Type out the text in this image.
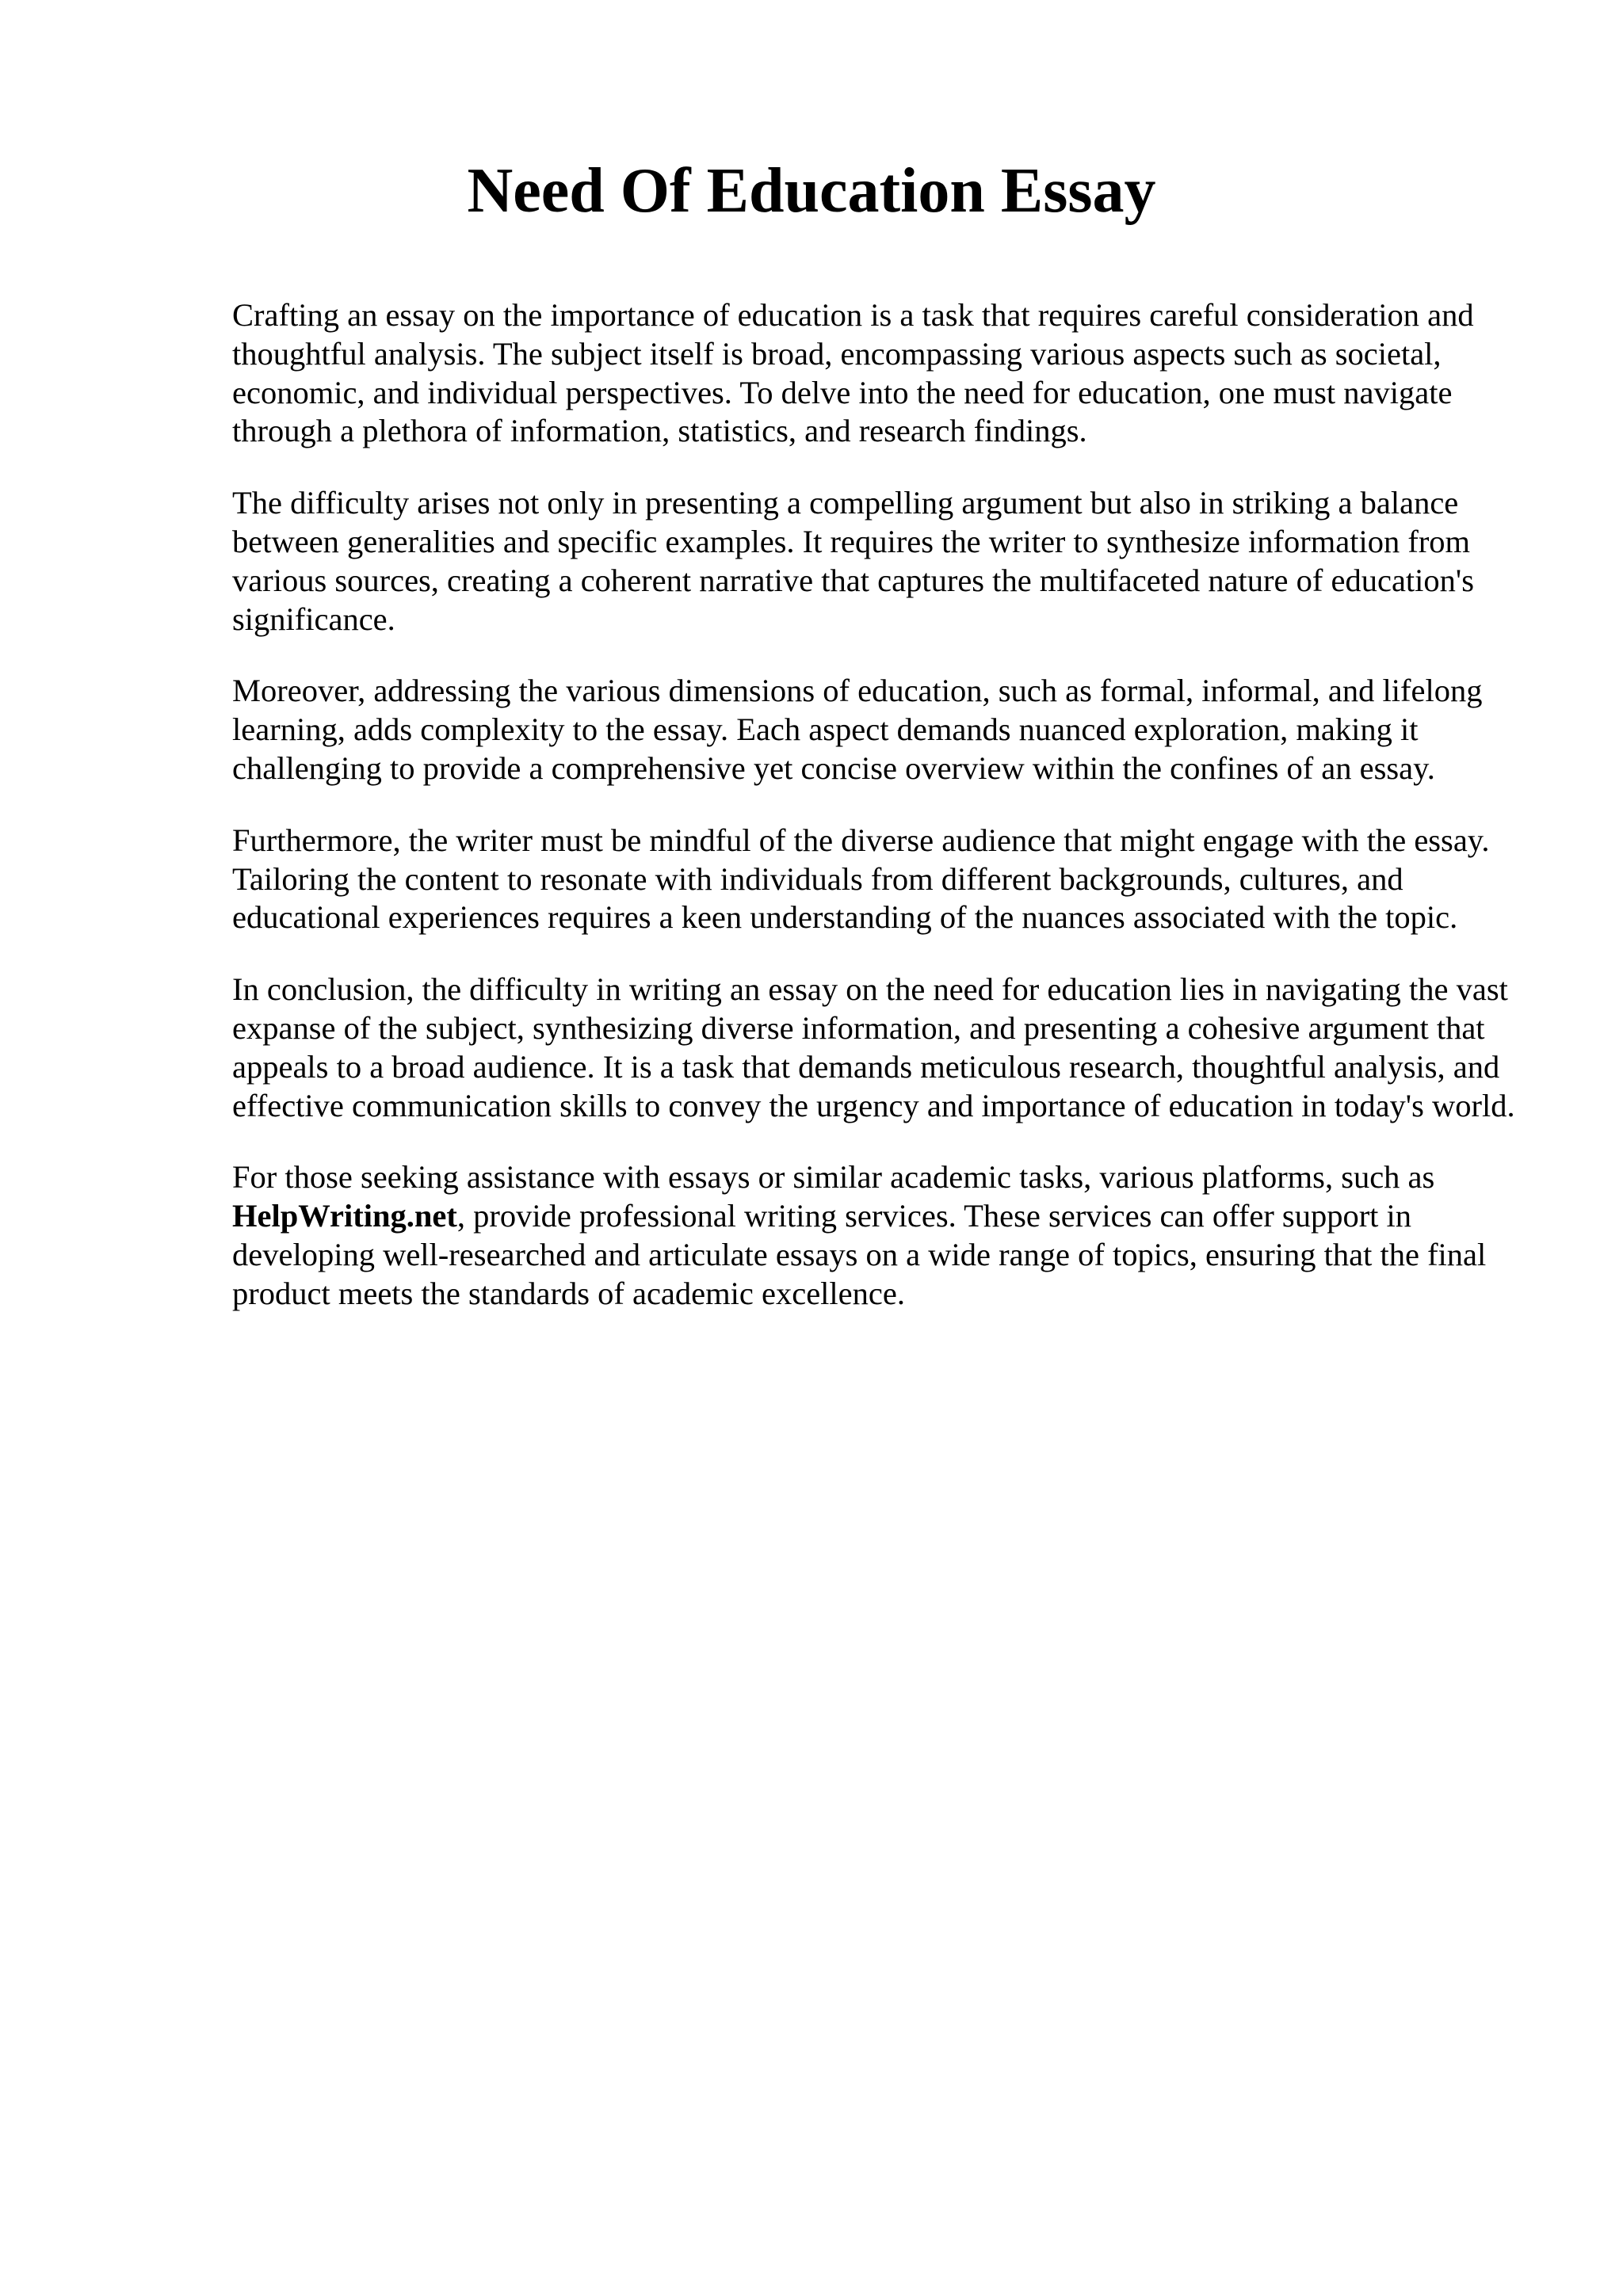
Need Of Education Essay

Crafting an essay on the importance of education is a task that requires careful consideration and thoughtful analysis. The subject itself is broad, encompassing various aspects such as societal, economic, and individual perspectives. To delve into the need for education, one must navigate through a plethora of information, statistics, and research findings.

The difficulty arises not only in presenting a compelling argument but also in striking a balance between generalities and specific examples. It requires the writer to synthesize information from various sources, creating a coherent narrative that captures the multifaceted nature of education's significance.

Moreover, addressing the various dimensions of education, such as formal, informal, and lifelong learning, adds complexity to the essay. Each aspect demands nuanced exploration, making it challenging to provide a comprehensive yet concise overview within the confines of an essay.

Furthermore, the writer must be mindful of the diverse audience that might engage with the essay. Tailoring the content to resonate with individuals from different backgrounds, cultures, and educational experiences requires a keen understanding of the nuances associated with the topic.

In conclusion, the difficulty in writing an essay on the need for education lies in navigating the vast expanse of the subject, synthesizing diverse information, and presenting a cohesive argument that appeals to a broad audience. It is a task that demands meticulous research, thoughtful analysis, and effective communication skills to convey the urgency and importance of education in today's world.

For those seeking assistance with essays or similar academic tasks, various platforms, such as
HelpWriting.net, provide professional writing services. These services can offer support in developing well-researched and articulate essays on a wide range of topics, ensuring that the final product meets the standards of academic excellence.
